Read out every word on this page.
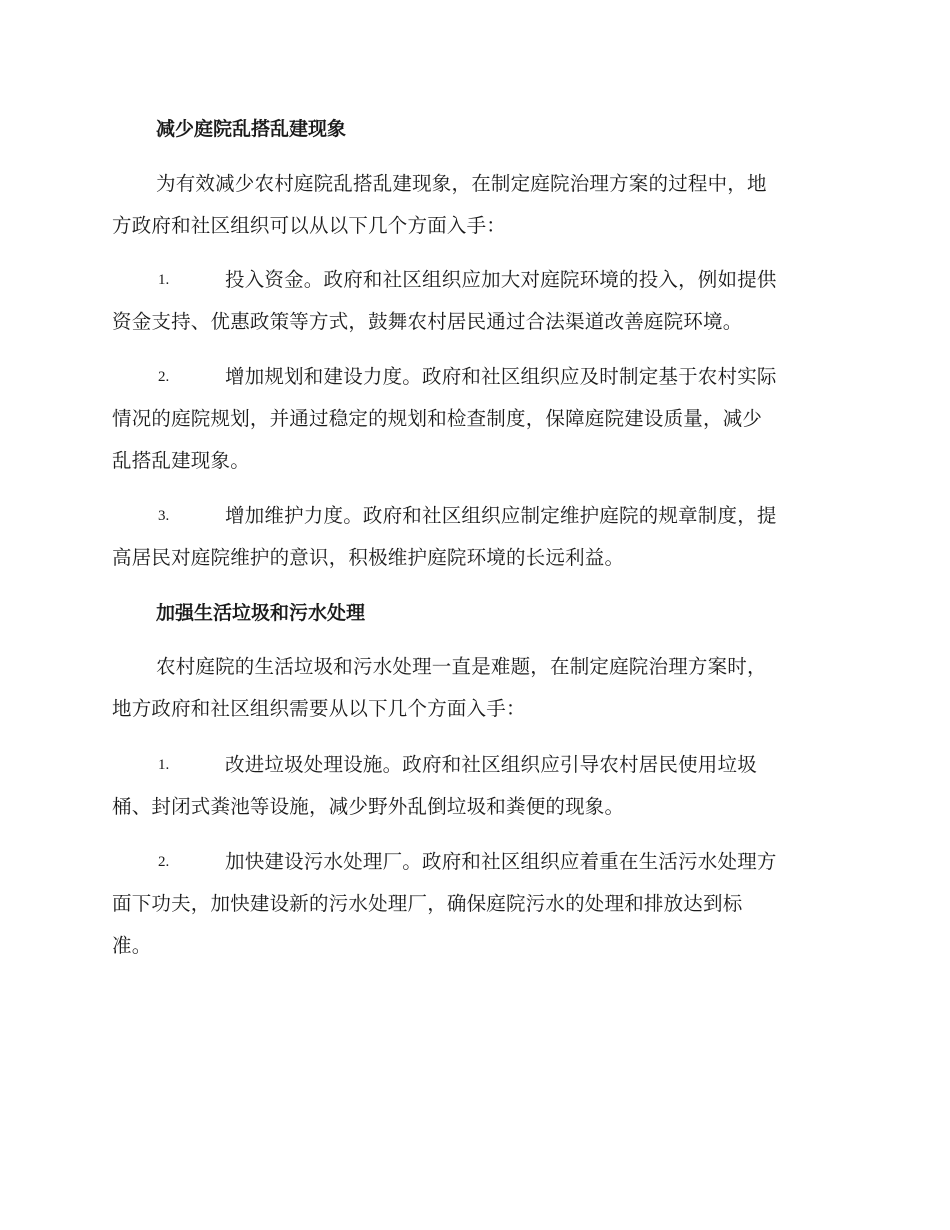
减少庭院乱搭乱建现象
为有效减少农村庭院乱搭乱建现象，在制定庭院治理方案的过程中，地
方政府和社区组织可以从以下几个方面入手：
1.	投入资金。政府和社区组织应加大对庭院环境的投入，例如提供
资金支持、优惠政策等方式，鼓舞农村居民通过合法渠道改善庭院环境。
2.	增加规划和建设力度。政府和社区组织应及时制定基于农村实际
情况的庭院规划，并通过稳定的规划和检查制度，保障庭院建设质量，减少
乱搭乱建现象。
3.	增加维护力度。政府和社区组织应制定维护庭院的规章制度，提
高居民对庭院维护的意识，积极维护庭院环境的长远利益。
加强生活垃圾和污水处理
农村庭院的生活垃圾和污水处理一直是难题，在制定庭院治理方案时，
地方政府和社区组织需要从以下几个方面入手：
1.	改进垃圾处理设施。政府和社区组织应引导农村居民使用垃圾
桶、封闭式粪池等设施，减少野外乱倒垃圾和粪便的现象。
2.	加快建设污水处理厂。政府和社区组织应着重在生活污水处理方
面下功夫，加快建设新的污水处理厂，确保庭院污水的处理和排放达到标
准。
